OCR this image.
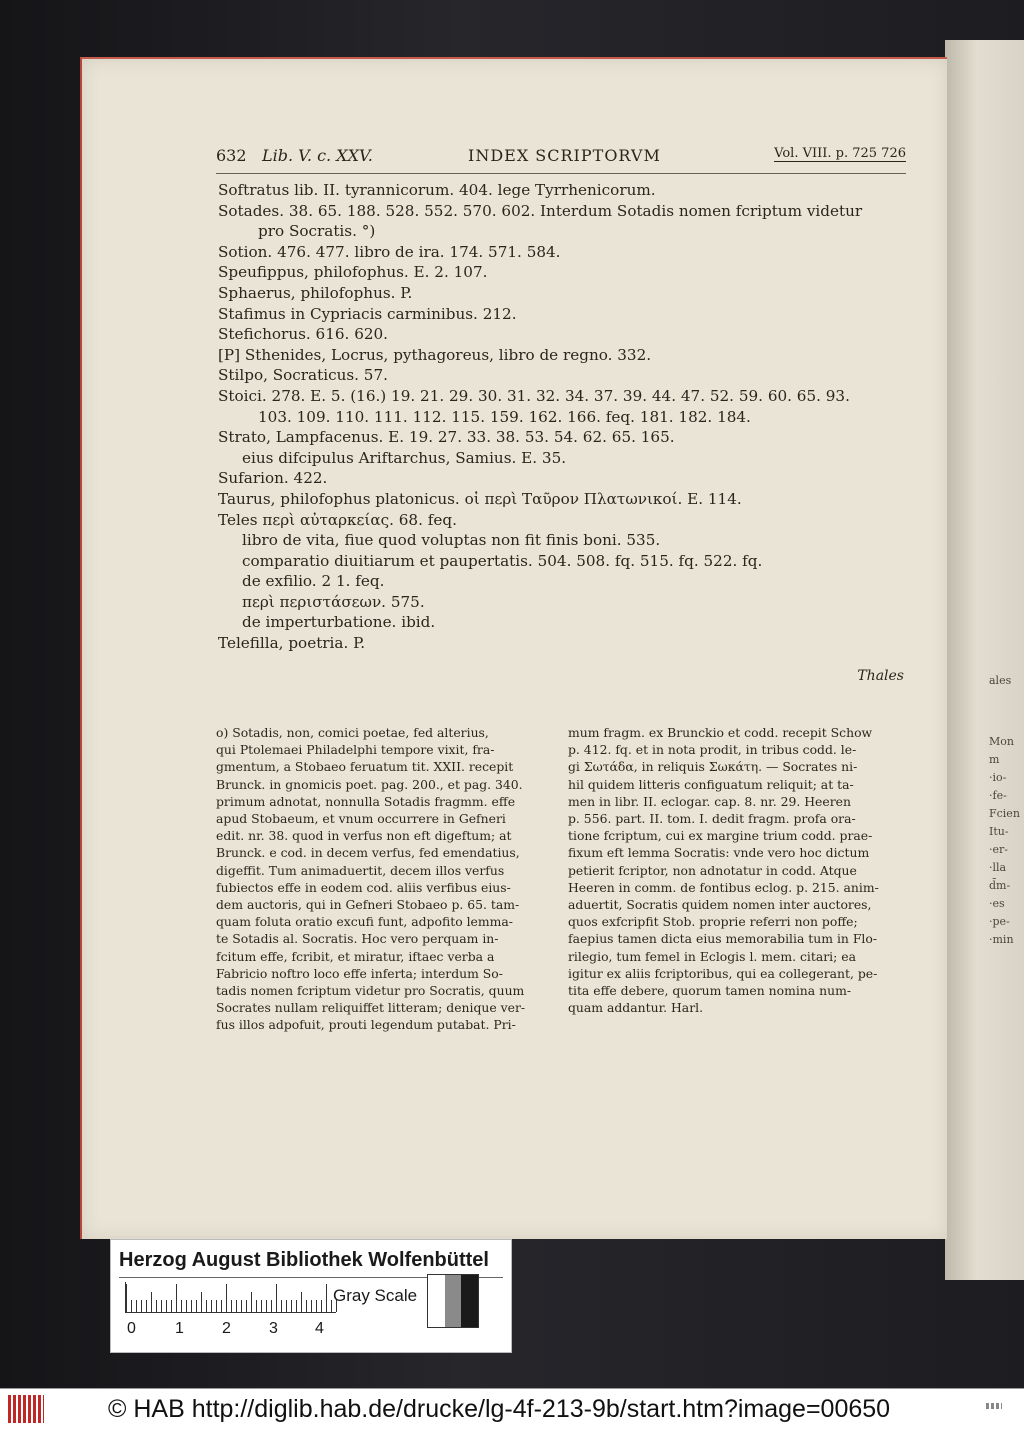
ales
Mon
m
·io-
·fe-
Fcien
Itu-
·er-
·lla
d̄m-
·es
·pe-
·min
632 Lib. V. c. XXV.	INDEX SCRIPTORVM	Vol. VIII. p. 725 726
Softratus lib. II. tyrannicorum. 404. lege Tyrrhenicorum.
Sotades. 38. 65. 188. 528. 552. 570. 602. Interdum Sotadis nomen fcriptum videtur
pro Socratis. °)
Sotion. 476. 477. libro de ira. 174. 571. 584.
Speufippus, philofophus. E. 2. 107.
Sphaerus, philofophus. P.
Stafimus in Cypriacis carminibus. 212.
Stefichorus. 616. 620.
[P] Sthenides, Locrus, pythagoreus, libro de regno. 332.
Stilpo, Socraticus. 57.
Stoici. 278. E. 5. (16.) 19. 21. 29. 30. 31. 32. 34. 37. 39. 44. 47. 52. 59. 60. 65. 93.
103. 109. 110. 111. 112. 115. 159. 162. 166. feq. 181. 182. 184.
Strato, Lampfacenus. E. 19. 27. 33. 38. 53. 54. 62. 65. 165.
eius difcipulus Ariftarchus, Samius. E. 35.
Sufarion. 422.
Taurus, philofophus platonicus. οἱ περὶ Ταῦρον Πλατωνικοί. E. 114.
Teles περὶ αὐταρκείας. 68. feq.
libro de vita, fiue quod voluptas non fit finis boni. 535.
comparatio diuitiarum et paupertatis. 504. 508. fq. 515. fq. 522. fq.
de exfilio. 2 1. feq.
περὶ περιστάσεων. 575.
de imperturbatione. ibid.
Telefilla, poetria. P.
Thales
o) Sotadis, non, comici poetae, fed alterius,
qui Ptolemaei Philadelphi tempore vixit, fra-
gmentum, a Stobaeo feruatum tit. XXII. recepit
Brunck. in gnomicis poet. pag. 200., et pag. 340.
primum adnotat, nonnulla Sotadis fragmm. effe
apud Stobaeum, et vnum occurrere in Gefneri
edit. nr. 38. quod in verfus non eft digeftum; at
Brunck. e cod. in decem verfus, fed emendatius,
digeffit. Tum animaduertit, decem illos verfus
fubiectos effe in eodem cod. aliis verfibus eius-
dem auctoris, qui in Gefneri Stobaeo p. 65. tam-
quam foluta oratio excufi funt, adpofito lemma-
te Sotadis al. Socratis. Hoc vero perquam in-
fcitum effe, fcribit, et miratur, iftaec verba a
Fabricio noftro loco effe inferta; interdum So-
tadis nomen fcriptum videtur pro Socratis, quum
Socrates nullam reliquiffet litteram; denique ver-
fus illos adpofuit, prouti legendum putabat. Pri-
mum fragm. ex Brunckio et codd. recepit Schow
p. 412. fq. et in nota prodit, in tribus codd. le-
gi Σωτάδα, in reliquis Σωκάτη. — Socrates ni-
hil quidem litteris configuatum reliquit; at ta-
men in libr. II. eclogar. cap. 8. nr. 29. Heeren
p. 556. part. II. tom. I. dedit fragm. profa ora-
tione fcriptum, cui ex margine trium codd. prae-
fixum eft lemma Socratis: vnde vero hoc dictum
petierit fcriptor, non adnotatur in codd. Atque
Heeren in comm. de fontibus eclog. p. 215. anim-
aduertit, Socratis quidem nomen inter auctores,
quos exfcripfit Stob. proprie referri non poffe;
faepius tamen dicta eius memorabilia tum in Flo-
rilegio, tum femel in Eclogis l. mem. citari; ea
igitur ex aliis fcriptoribus, qui ea collegerant, pe-
tita effe debere, quorum tamen nomina num-
quam addantur. Harl.
Herzog August Bibliothek Wolfenbüttel
0 1 2 3 4
Gray Scale
© HAB http://diglib.hab.de/drucke/lg-4f-213-9b/start.htm?image=00650
